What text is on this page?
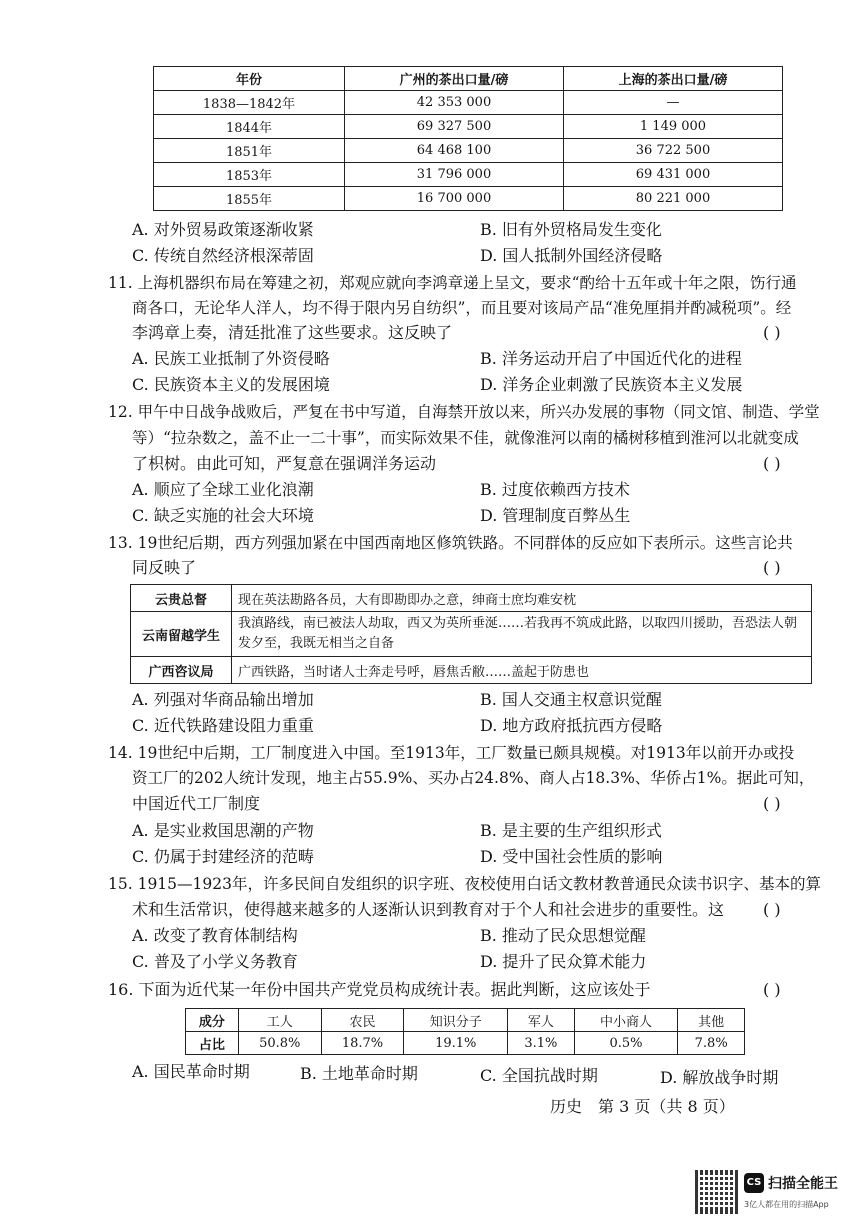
年份	广州的茶出口量/磅	上海的茶出口量/磅
1838—1842年	42 353 000	—
1844年	69 327 500	1 149 000
1851年	64 468 100	36 722 500
1853年	31 796 000	69 431 000
1855年	16 700 000	80 221 000
A. 对外贸易政策逐渐收紧	B. 旧有外贸格局发生变化
C. 传统自然经济根深蒂固	D. 国人抵制外国经济侵略
11. 上海机器织布局在筹建之初，郑观应就向李鸿章递上呈文，要求“酌给十五年或十年之限，饬行通
商各口，无论华人洋人，均不得于限内另自纺织”，而且要对该局产品“准免厘捐并酌减税项”。经
李鸿章上奏，清廷批准了这些要求。这反映了	( )
A. 民族工业抵制了外资侵略	B. 洋务运动开启了中国近代化的进程
C. 民族资本主义的发展困境	D. 洋务企业刺激了民族资本主义发展
12. 甲午中日战争战败后，严复在书中写道，自海禁开放以来，所兴办发展的事物（同文馆、制造、学堂
等）“拉杂数之，盖不止一二十事”，而实际效果不佳，就像淮河以南的橘树移植到淮河以北就变成
了枳树。由此可知，严复意在强调洋务运动	( )
A. 顺应了全球工业化浪潮	B. 过度依赖西方技术
C. 缺乏实施的社会大环境	D. 管理制度百弊丛生
13. 19世纪后期，西方列强加紧在中国西南地区修筑铁路。不同群体的反应如下表所示。这些言论共
同反映了	( )
云贵总督	现在英法勘路各员，大有即勘即办之意，绅商士庶均难安枕
云南留越学生	我滇路线，南已被法人劫取，西又为英所垂涎……若我再不筑成此路，以取四川援助，吾恐法人朝发夕至，我既无相当之自备
广西咨议局	广西铁路，当时诸人士奔走号呼，唇焦舌敝……盖起于防患也
A. 列强对华商品输出增加	B. 国人交通主权意识觉醒
C. 近代铁路建设阻力重重	D. 地方政府抵抗西方侵略
14. 19世纪中后期，工厂制度进入中国。至1913年，工厂数量已颇具规模。对1913年以前开办或投
资工厂的202人统计发现，地主占55.9%、买办占24.8%、商人占18.3%、华侨占1%。据此可知，
中国近代工厂制度	( )
A. 是实业救国思潮的产物	B. 是主要的生产组织形式
C. 仍属于封建经济的范畴	D. 受中国社会性质的影响
15. 1915—1923年，许多民间自发组织的识字班、夜校使用白话文教材教普通民众读书识字、基本的算
术和生活常识，使得越来越多的人逐渐认识到教育对于个人和社会进步的重要性。这 ( )
A. 改变了教育体制结构	B. 推动了民众思想觉醒
C. 普及了小学义务教育	D. 提升了民众算术能力
16. 下面为近代某一年份中国共产党党员构成统计表。据此判断，这应该处于	( )
成分	工人	农民	知识分子	军人	中小商人	其他
占比	50.8%	18.7%	19.1%	3.1%	0.5%	7.8%
A. 国民革命时期	B. 土地革命时期	C. 全国抗战时期	D. 解放战争时期
历史　第 3 页（共 8 页）
CS 扫描全能王
3亿人都在用的扫描App
